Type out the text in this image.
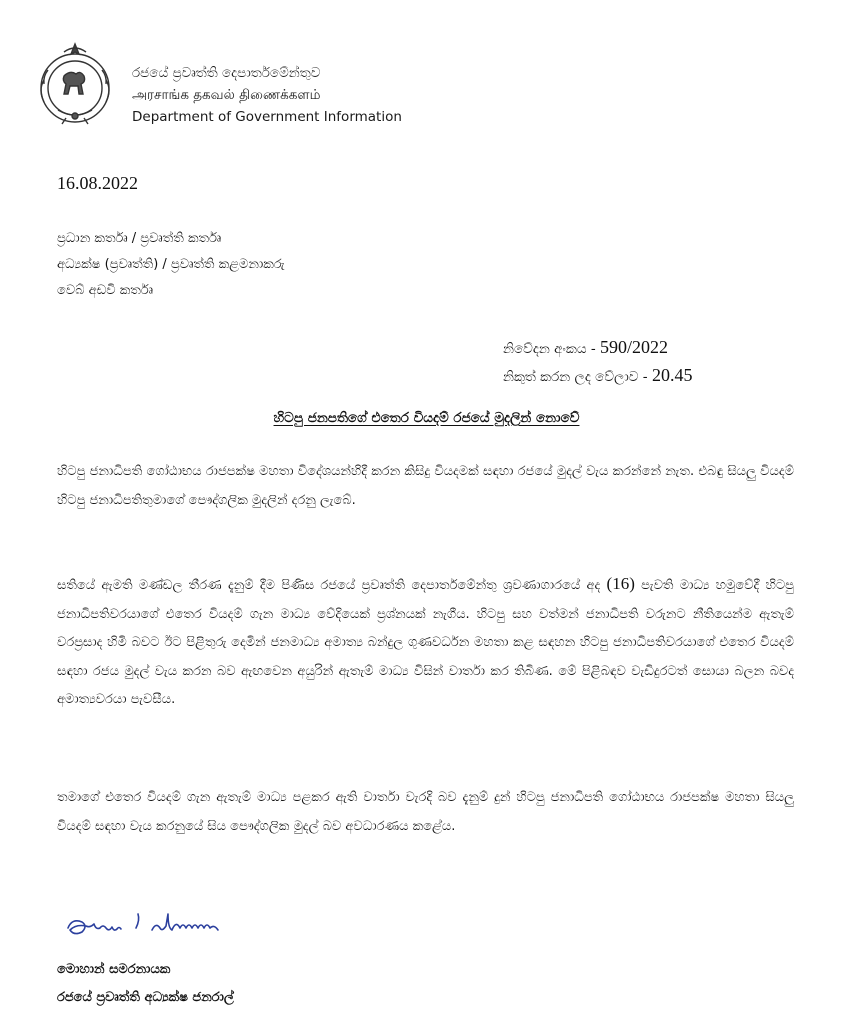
රජයේ ප්‍රවෘත්ති දෙපාර්තමේන්තුව
அரசாங்க தகவல் திணைக்களம்
Department of Government Information
16.08.2022
ප්‍රධාන කර්තෘ / ප්‍රවෘත්ති කර්තෘ
අධ්‍යක්ෂ (ප්‍රවෘත්ති) / ප්‍රවෘත්ති කළමනාකරු
වෙබ් අඩවි කර්තෘ
නිවේදන අංකය - 590/2022
නිකුත් කරන ලද වේලාව - 20.45
හිටපු ජනපතිගේ එතෙර වියදම් රජයේ මුදලින් නොවේ
හිටපු ජනාධිපති ගෝඨාභය රාජපක්ෂ මහතා විදේශයන්හිදී කරන කිසිදු වියදමක් සඳහා රජයේ මුදල් වැය කරන්නේ නැත. එබඳු සියලු වියදම් හිටපු ජනාධිපතිතුමාගේ පෞද්ගලික මුදලින් දරනු ලැබේ.
සතියේ ඇමති මණ්ඩල තීරණ දැනුම් දීම පිණිස රජයේ ප්‍රවෘත්ති දෙපාර්තමේන්තු ශ්‍රවණාගාරයේ අද (16) පැවති මාධ්‍ය හමුවේදී හිටපු ජනාධිපතිවරයාගේ එතෙර වියදම් ගැන මාධ්‍ය වේදියෙක් ප්‍රශ්නයක් නැගීය. හිටපු සහ වත්මන් ජනාධිපති වරුනට නීතියෙන්ම ඇතැම් වරප්‍රසාද හිමි බවට ඊට පිළිතුරු දෙමින් ජනමාධ්‍ය අමාත්‍ය බන්දුල ගුණවර්ධන මහතා කළ සඳහන හිටපු ජනාධිපතිවරයාගේ එතෙර වියදම් සඳහා රජය මුදල් වැය කරන බව ඇඟවෙන අයුරින් ඇතැම් මාධ්‍ය විසින් වාර්තා කර තිබිණ. මේ පිළිබඳව වැඩිදුරටත් සොයා බලන බවද අමාත්‍යවරයා පැවසීය.
තමාගේ එතෙර වියදම් ගැන ඇතැම් මාධ්‍ය පළකර ඇති වාර්තා වැරදි බව දැනුම් දුන් හිටපු ජනාධිපති ගෝඨාභය රාජපක්ෂ මහතා සියලු වියදම් සඳහා වැය කරනුයේ සිය පෞද්ගලික මුදල් බව අවධාරණය කළේය.
මොහාන් සමරනායක
රජයේ ප්‍රවෘත්ති අධ්‍යක්ෂ ජනරාල්
